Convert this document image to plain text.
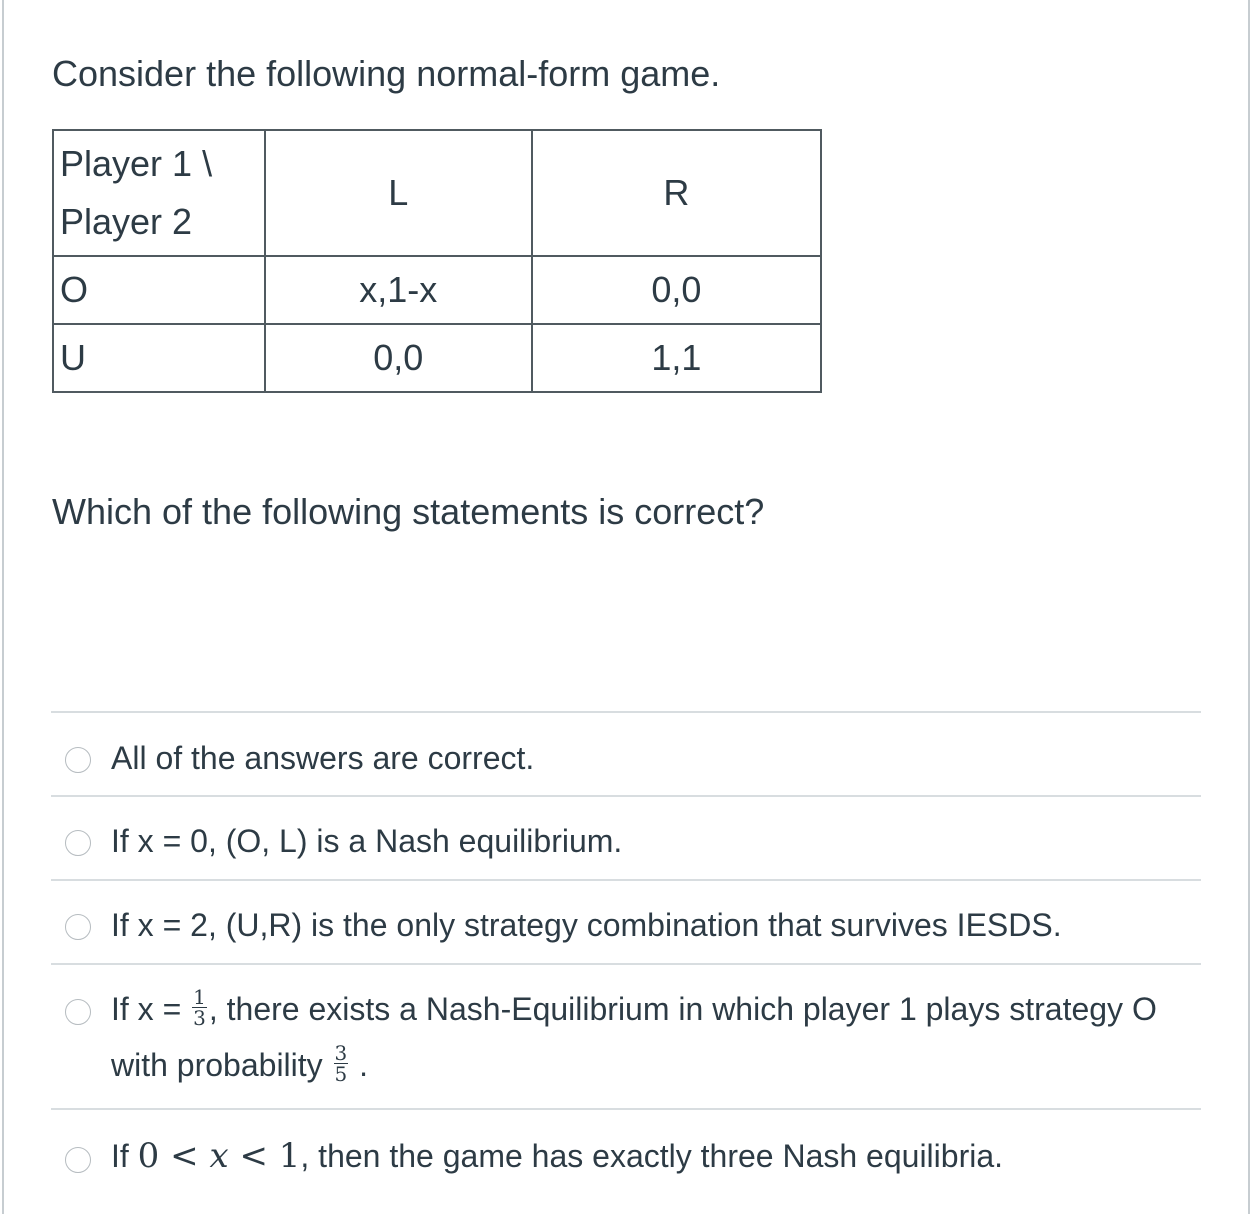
Consider the following normal-form game.

Player 1 \
Player 2	L	R
O	x,1-x	0,0
U	0,0	1,1

Which of the following statements is correct?

All of the answers are correct.
If x = 0, (O, L) is a Nash equilibrium.
If x = 2, (U,R) is the only strategy combination that survives IESDS.
If $x = \frac{1}{3}$ , there exists a Nash-Equilibrium in which player 1 plays strategy O with probability $\frac{3}{5}$ .
If 0 < x < 1, then the game has exactly three Nash equilibria.
